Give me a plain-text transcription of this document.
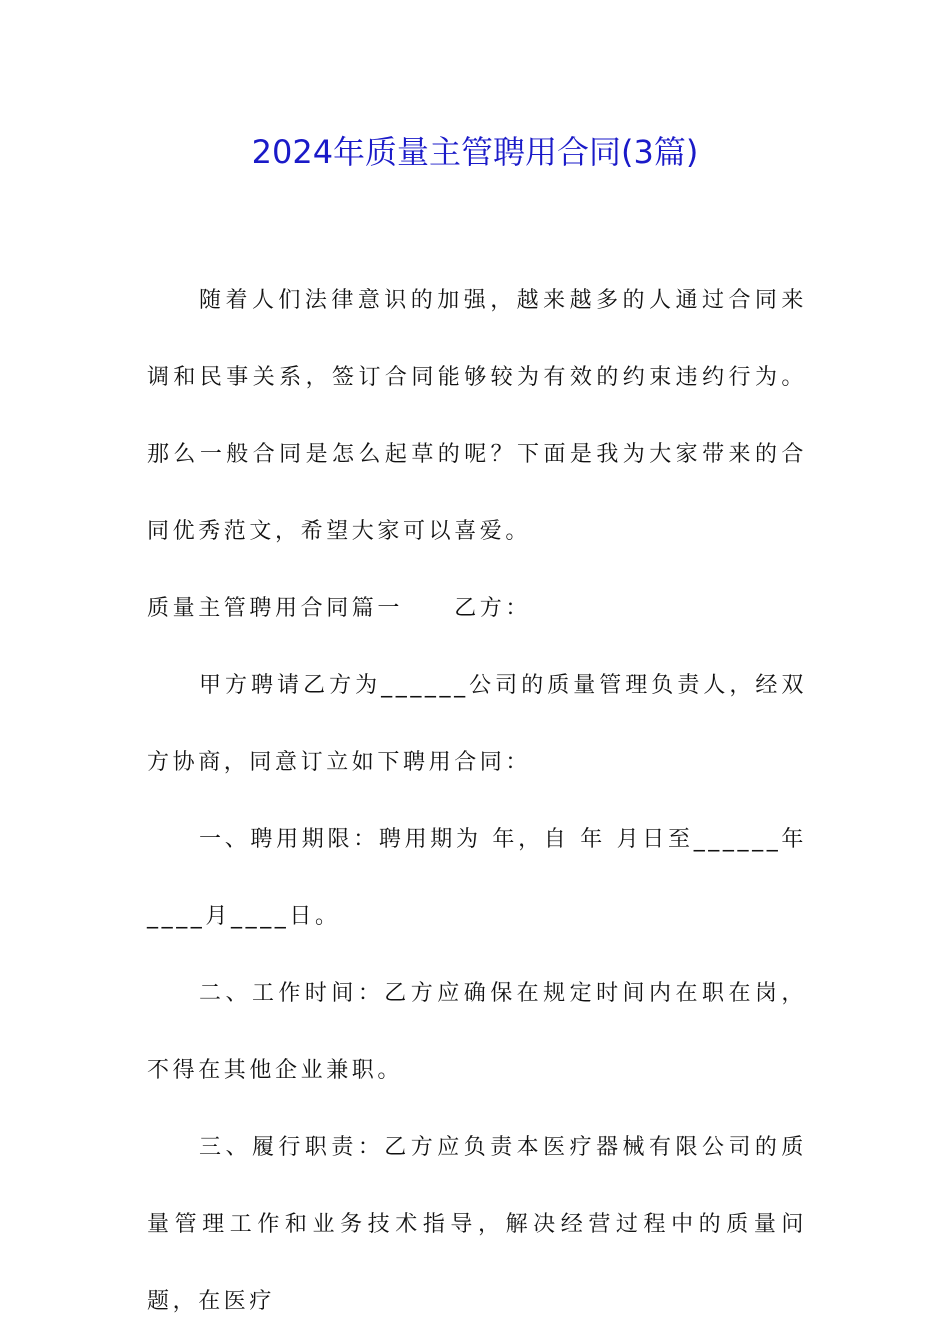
2024年质量主管聘用合同(3篇)

随着人们法律意识的加强，越来越多的人通过合同来调和民事关系，签订合同能够较为有效的约束违约行为。那么一般合同是怎么起草的呢？下面是我为大家带来的合同优秀范文，希望大家可以喜爱。

质量主管聘用合同篇一　　乙方：

甲方聘请乙方为______公司的质量管理负责人，经双方协商，同意订立如下聘用合同：

一、聘用期限：聘用期为 年，自 年 月日至______年____月____日。

二、工作时间：乙方应确保在规定时间内在职在岗，不得在其他企业兼职。

三、履行职责：乙方应负责本医疗器械有限公司的质量管理工作和业务技术指导，解决经营过程中的质量问题，在医疗
